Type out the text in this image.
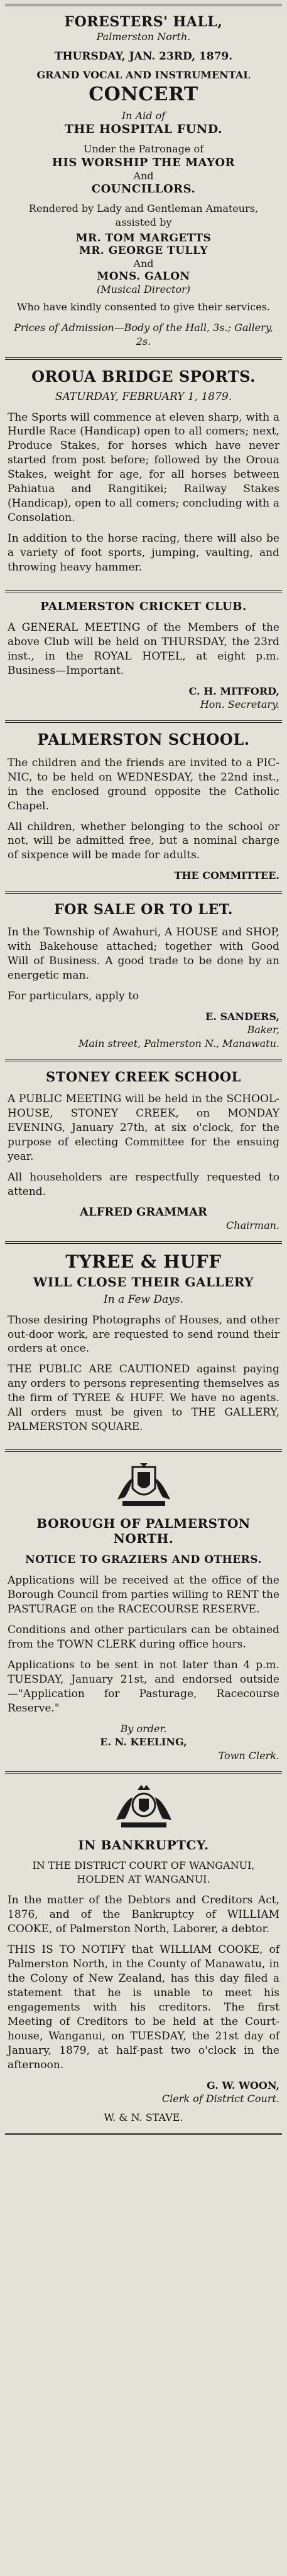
FORESTERS' HALL,
Palmerston North.
THURSDAY, JAN. 23RD, 1879.
GRAND VOCAL AND INSTRUMENTAL
CONCERT
In Aid of
THE HOSPITAL FUND.
Under the Patronage of
HIS WORSHIP THE MAYOR
And
COUNCILLORS.
Rendered by Lady and Gentleman Amateurs, assisted by
MR. TOM MARGETTS
MR. GEORGE TULLY
And
MONS. GALON
(Musical Director)
Who have kindly consented to give their services.
Prices of Admission—Body of the Hall, 3s.; Gallery, 2s.
OROUA BRIDGE SPORTS.
SATURDAY, FEBRUARY 1, 1879.

The Sports will commence at eleven sharp, with a Hurdle Race (Handicap) open to all comers; next, Produce Stakes, for horses which have never started from post before; followed by the Oroua Stakes, weight for age, for all horses between Pahiatua and Rangitikei; Railway Stakes (Handicap), open to all comers; concluding with a Consolation.

In addition to the horse racing, there will also be a variety of foot sports, jumping, vaulting, and throwing heavy hammer.

PALMERSTON CRICKET CLUB.

A GENERAL MEETING of the Members of the above Club will be held on THURSDAY, the 23rd inst., in the ROYAL HOTEL, at eight p.m. Business—Important.

C. H. MITFORD,
Hon. Secretary.
PALMERSTON SCHOOL.

The children and the friends are invited to a PIC-NIC, to be held on WEDNESDAY, the 22nd inst., in the enclosed ground opposite the Catholic Chapel.

All children, whether belonging to the school or not, will be admitted free, but a nominal charge of sixpence will be made for adults.

THE COMMITTEE.
FOR SALE OR TO LET.

In the Township of Awahuri, A HOUSE and SHOP, with Bakehouse attached; together with Good Will of Business. A good trade to be done by an energetic man.

For particulars, apply to

E. SANDERS,
Baker,
Main street, Palmerston N., Manawatu.
STONEY CREEK SCHOOL

A PUBLIC MEETING will be held in the SCHOOL-HOUSE, STONEY CREEK, on MONDAY EVENING, January 27th, at six o'clock, for the purpose of electing Committee for the ensuing year.

All householders are respectfully requested to attend.

ALFRED GRAMMAR
Chairman.
TYREE & HUFF
WILL CLOSE THEIR GALLERY
In a Few Days.

Those desiring Photographs of Houses, and other out-door work, are requested to send round their orders at once.

THE PUBLIC ARE CAUTIONED against paying any orders to persons representing themselves as the firm of TYREE & HUFF. We have no agents. All orders must be given to THE GALLERY, PALMERSTON SQUARE.

BOROUGH OF PALMERSTON NORTH.
NOTICE TO GRAZIERS AND OTHERS.

Applications will be received at the office of the Borough Council from parties willing to RENT the PASTURAGE on the RACECOURSE RESERVE.

Conditions and other particulars can be obtained from the TOWN CLERK during office hours.

Applications to be sent in not later than 4 p.m. TUESDAY, January 21st, and endorsed outside—"Application for Pasturage, Racecourse Reserve."

By order.
E. N. KEELING,
Town Clerk.
IN BANKRUPTCY.
IN THE DISTRICT COURT OF WANGANUI, HOLDEN AT WANGANUI.

In the matter of the Debtors and Creditors Act, 1876, and of the Bankruptcy of WILLIAM COOKE, of Palmerston North, Laborer, a debtor.

THIS IS TO NOTIFY that WILLIAM COOKE, of Palmerston North, in the County of Manawatu, in the Colony of New Zealand, has this day filed a statement that he is unable to meet his engagements with his creditors. The first Meeting of Creditors to be held at the Court-house, Wanganui, on TUESDAY, the 21st day of January, 1879, at half-past two o'clock in the afternoon.

G. W. WOON,
Clerk of District Court.
W. & N. STAVE.
